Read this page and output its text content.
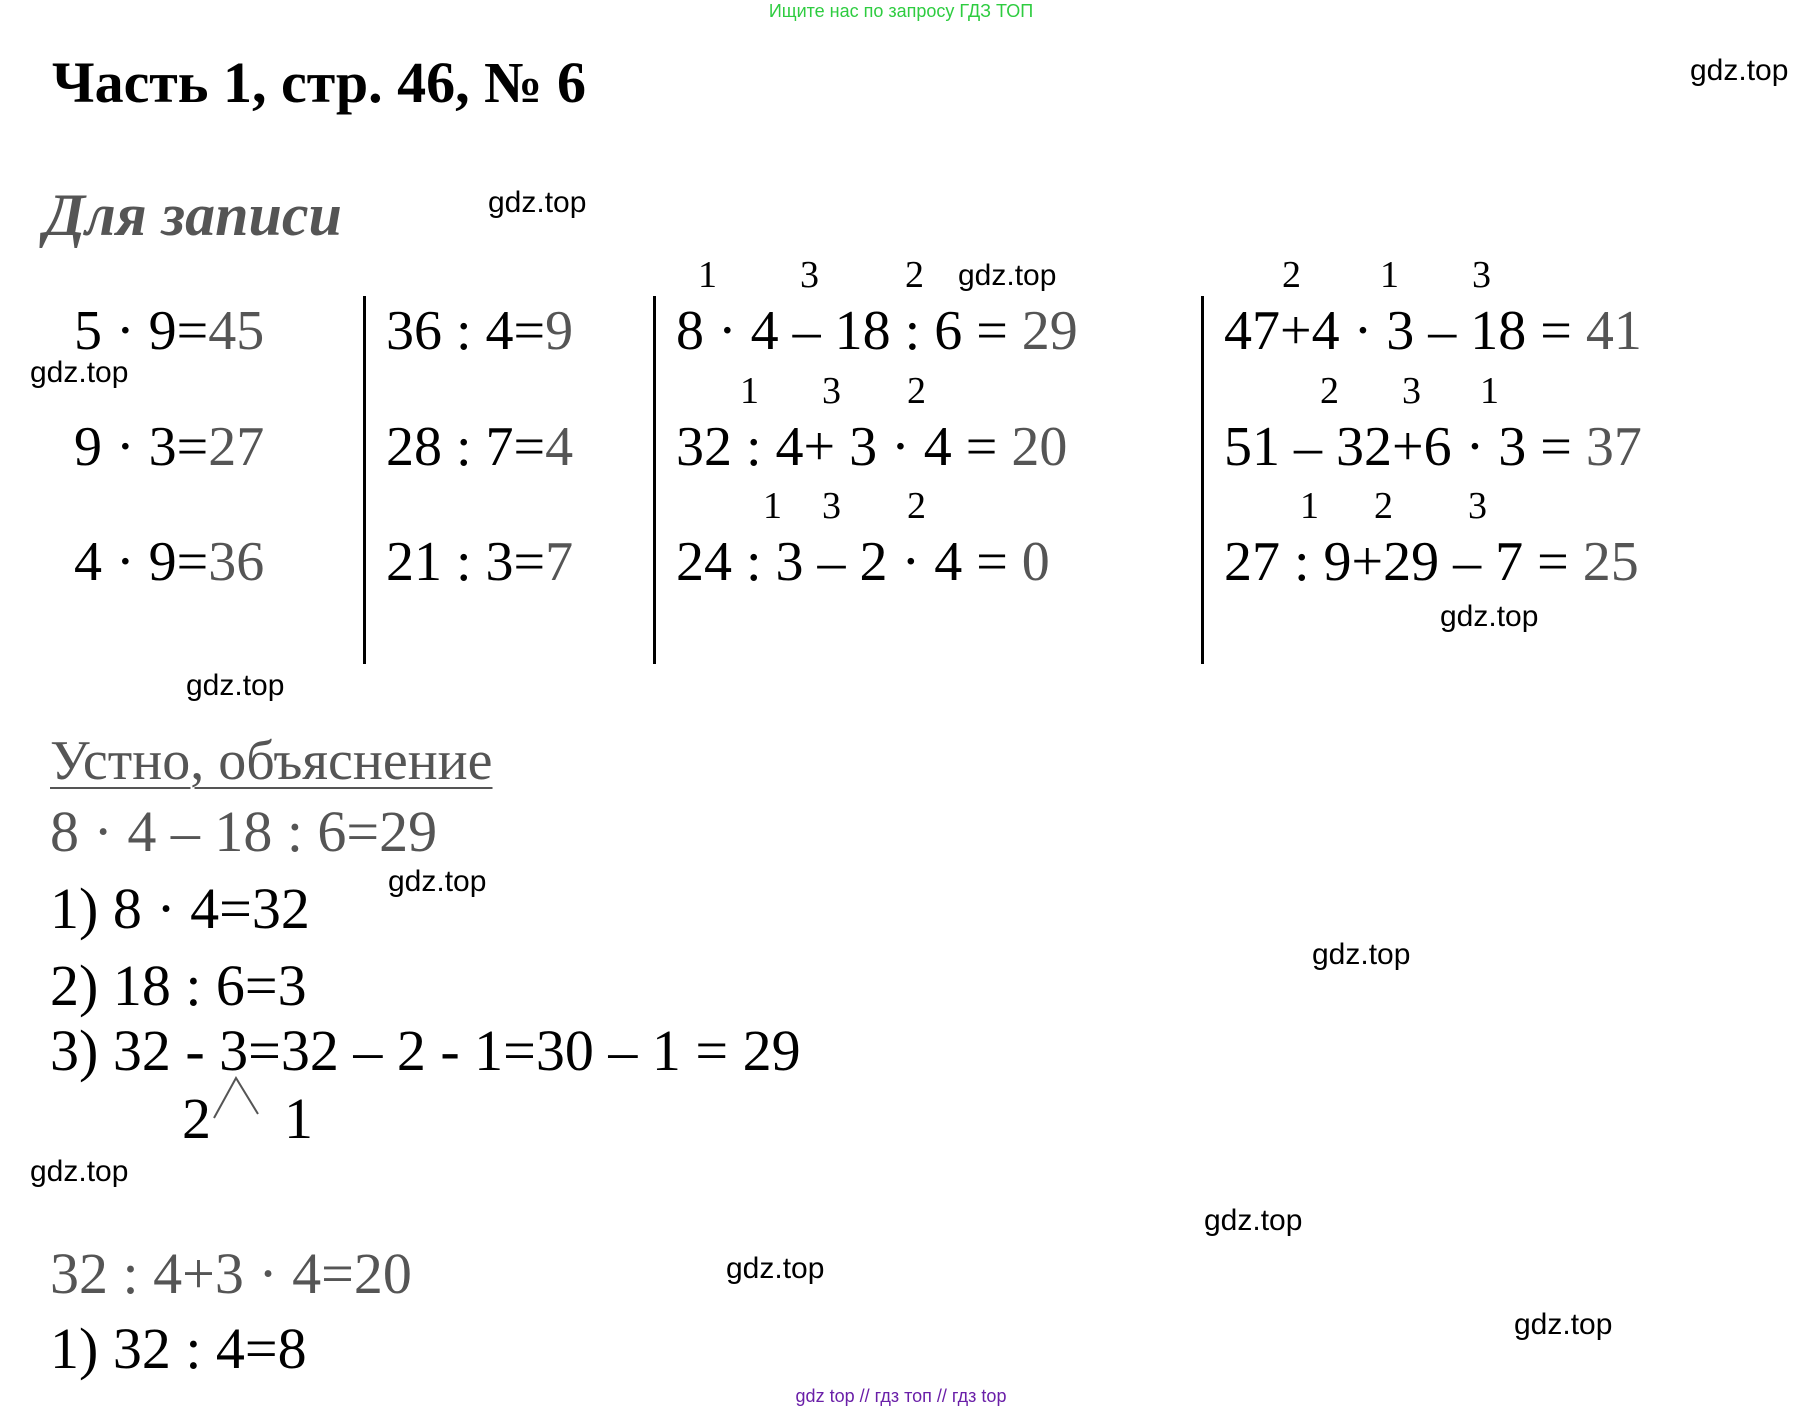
Ищите нас по запросу ГДЗ ТОП
Часть 1, стр. 46, № 6
Для записи
gdz.top
gdz.top
gdz.top
gdz.top
gdz.top
gdz.top
gdz.top
gdz.top
gdz.top
gdz.top
gdz.top
gdz.top
5 · 9=45
9 · 3=27
4 · 9=36
36 : 4=9
28 : 7=4
21 : 3=7
1 3 2
1 3 2
1 3 2
8 · 4 – 18 : 6 = 29
32 : 4+ 3 · 4 = 20
24 : 3 – 2 · 4 = 0
2 1 3
2 3 1
1 2 3
47+4 · 3 – 18 = 41
51 – 32+6 · 3 = 37
27 : 9+29 – 7 = 25
Устно, объяснение
8 · 4 – 18 : 6=29
1) 8 · 4=32
2) 18 : 6=3
3) 32 - 3=32 – 2 - 1=30 – 1 = 29
2 1
32 : 4+3 · 4=20
1) 32 : 4=8
gdz top // гдз топ // гдз top
